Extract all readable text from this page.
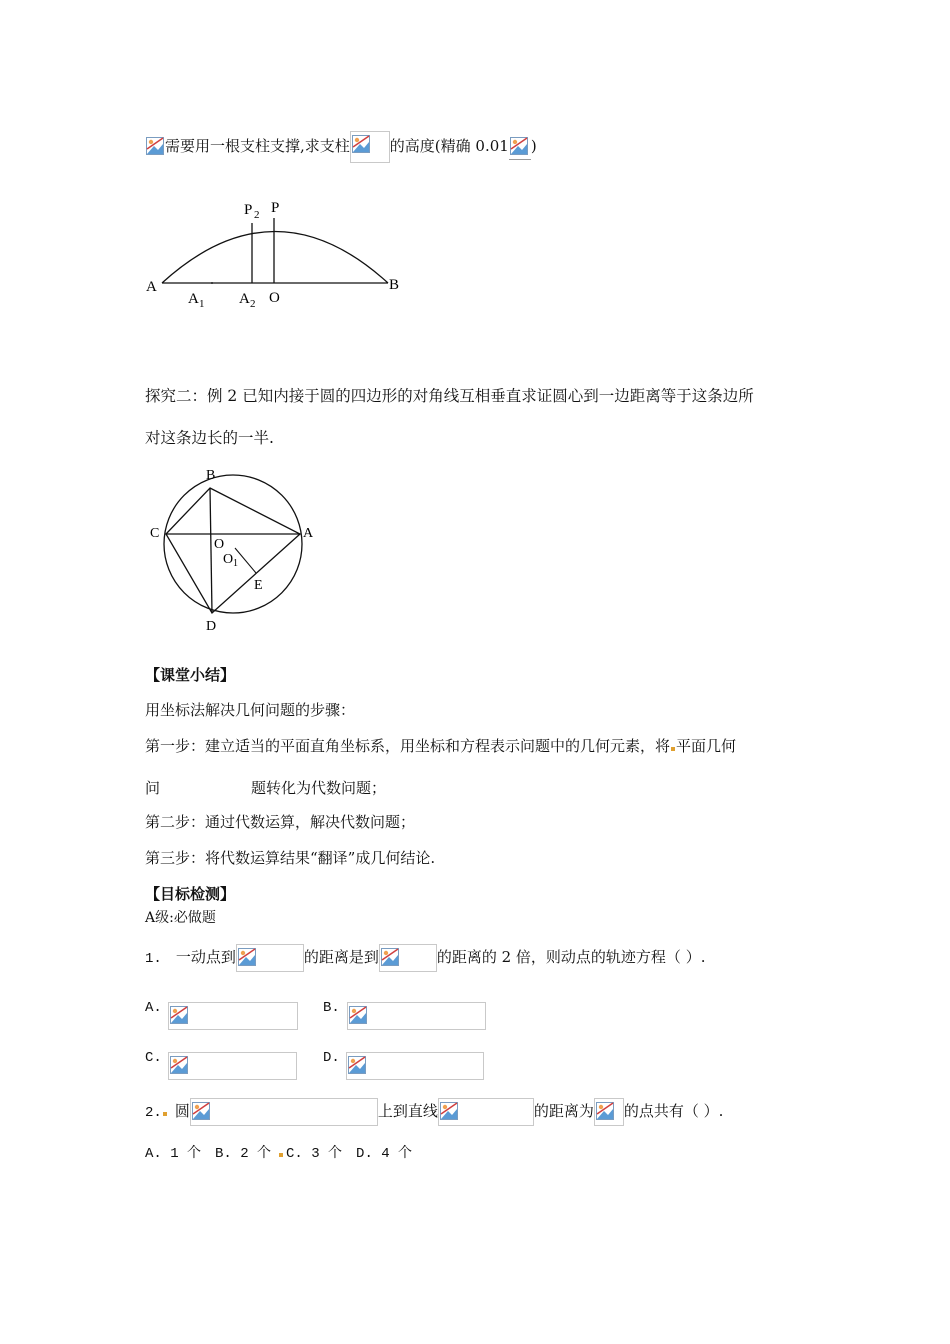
需要用一根支柱支撑,求支柱	的高度(精确 0.01 )
A	B
O
P
P 2
A 1 A 2
探究二：例 2 已知内接于圆的四边形的对角线互相垂直求证圆心到一边距离等于这条边所
对这条边长的一半.
B
C	A
O
O 1
E
D
【课堂小结】
用坐标法解决几何问题的步骤：
第一步：建立适当的平面直角坐标系，用坐标和方程表示问题中的几何元素，将 平面几何
问	题转化为代数问题；
第二步：通过代数运算，解决代数问题；
第三步：将代数运算结果“翻译”成几何结论.
【目标检测】
A级:必做题
1. 一动点到	的距离是到	的距离的 2 倍，则动点的轨迹方程（ ）.
A.	B.
C.	D.
2. 圆	上到直线	的距离为 的点共有（ ）.
A. 1 个 B. 2 个 C. 3 个 D. 4 个
